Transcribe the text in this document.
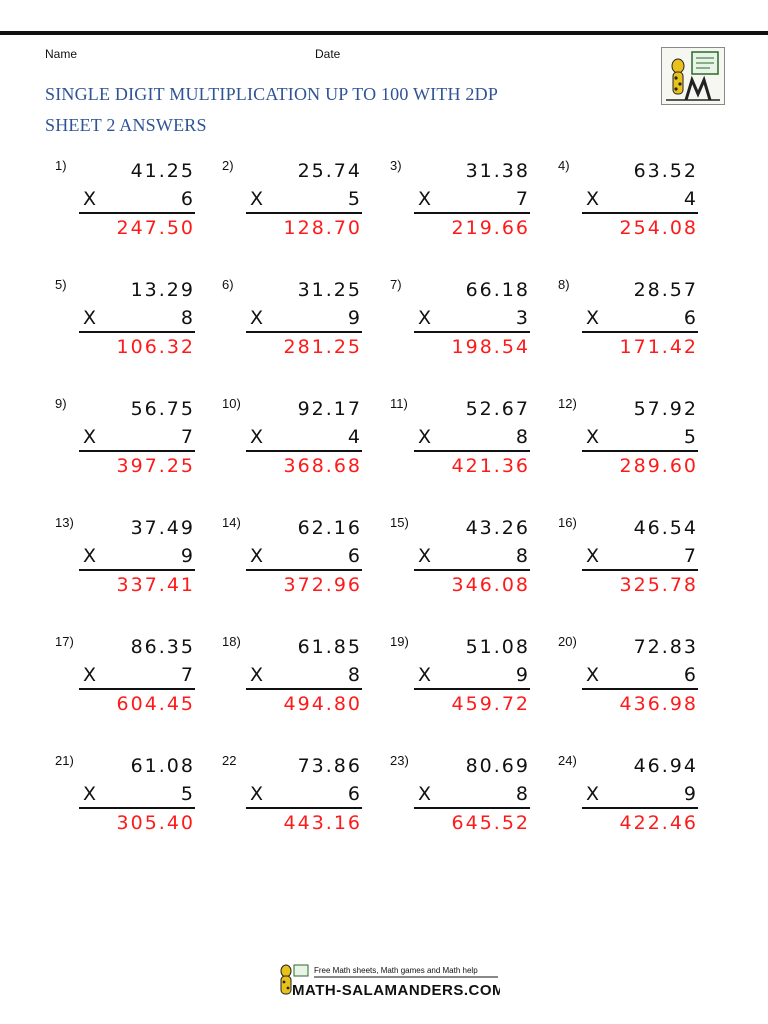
Name	Date
SINGLE DIGIT MULTIPLICATION UP TO 100 WITH 2DP
SHEET 2 ANSWERS
1)	41.25
X	6
247.50
2)	25.74
X	5
128.70
3)	31.38
X	7
219.66
4)	63.52
X	4
254.08
5)	13.29
X	8
106.32
6)	31.25
X	9
281.25
7)	66.18
X	3
198.54
8)	28.57
X	6
171.42
9)	56.75
X	7
397.25
10)	92.17
X	4
368.68
11)	52.67
X	8
421.36
12)	57.92
X	5
289.60
13)	37.49
X	9
337.41
14)	62.16
X	6
372.96
15)	43.26
X	8
346.08
16)	46.54
X	7
325.78
17)	86.35
X	7
604.45
18)	61.85
X	8
494.80
19)	51.08
X	9
459.72
20)	72.83
X	6
436.98
21)	61.08
X	5
305.40
22	73.86
X	6
443.16
23)	80.69
X	8
645.52
24)	46.94
X	9
422.46
Free Math sheets, Math games and Math help
MATH-SALAMANDERS.COM
